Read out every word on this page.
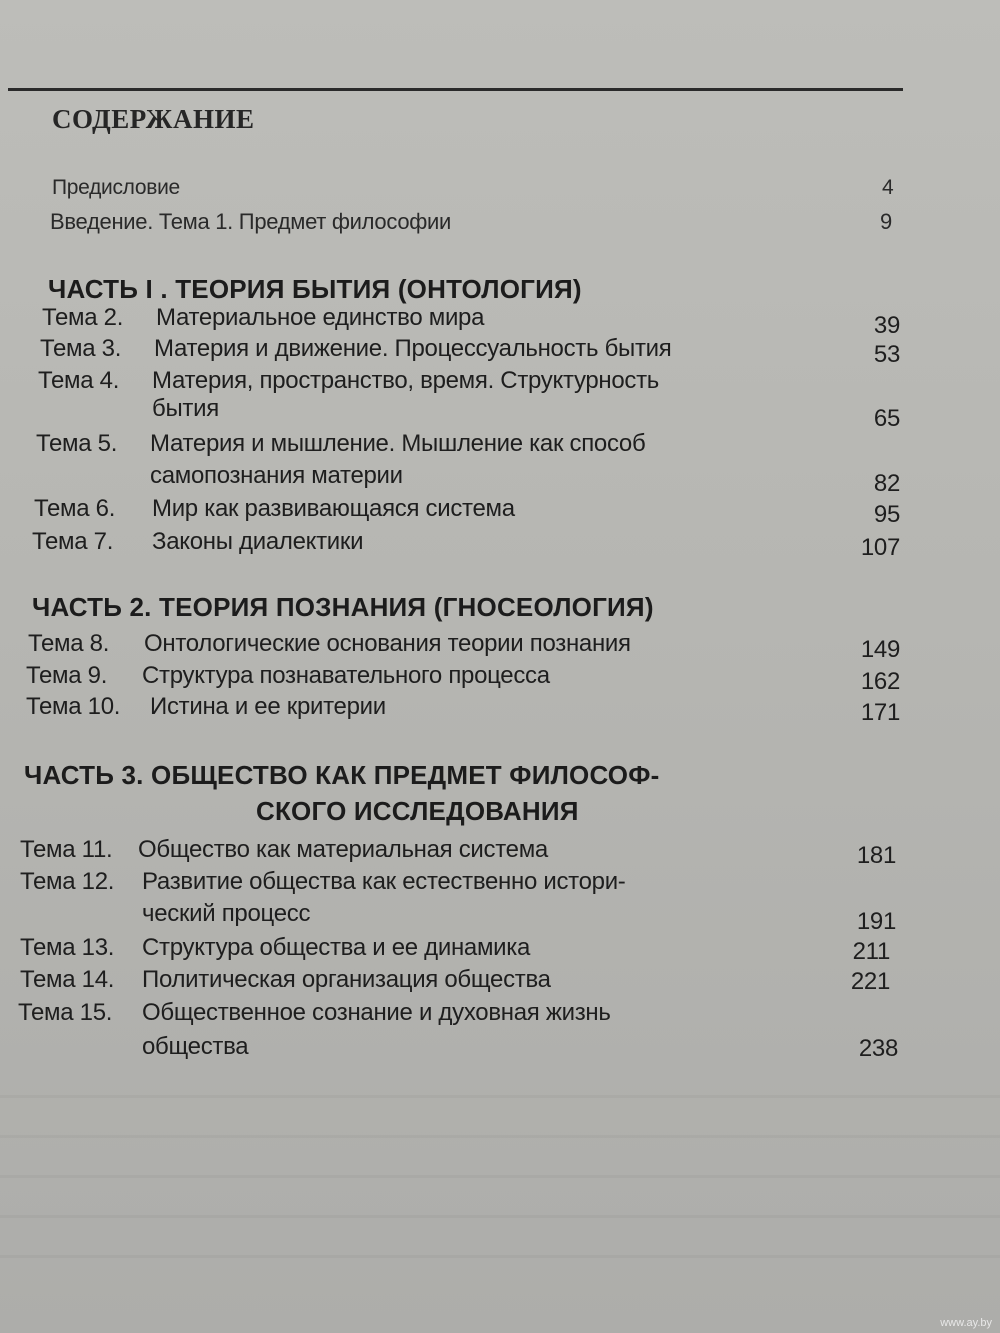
СОДЕРЖАНИЕ
Предисловие	4
Введение. Тема 1. Предмет философии	9
ЧАСТЬ І . ТЕОРИЯ БЫТИЯ (ОНТОЛОГИЯ)
Тема 2. Материальное единство мира	39
Тема 3. Материя и движение. Процессуальность бытия	53
Тема 4. Материя, пространство, время. Структурность
бытия	65
Тема 5. Материя и мышление. Мышление как способ
самопознания материи	82
Тема 6. Мир как развивающаяся система	95
Тема 7. Законы диалектики	107
ЧАСТЬ 2. ТЕОРИЯ ПОЗНАНИЯ (ГНОСЕОЛОГИЯ)
Тема 8. Онтологические основания теории познания	149
Тема 9. Структура познавательного процесса	162
Тема 10. Истина и ее критерии	171
ЧАСТЬ 3. ОБЩЕСТВО КАК ПРЕДМЕТ ФИЛОСОФ-
СКОГО ИССЛЕДОВАНИЯ
Тема 11. Общество как материальная система	181
Тема 12. Развитие общества как естественно истори-
ческий процесс	191
Тема 13. Структура общества и ее динамика	211
Тема 14. Политическая организация общества	221
Тема 15. Общественное сознание и духовная жизнь
общества	238
www.ay.by
